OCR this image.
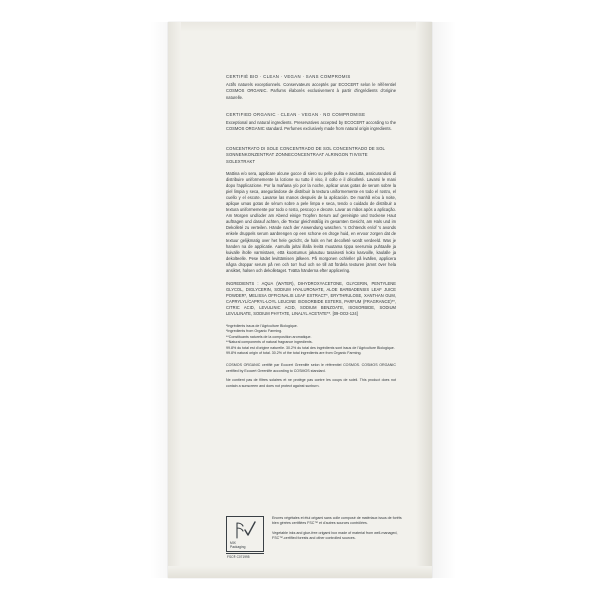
CERTIFIÉ BIO · CLEAN · VEGAN · SANS COMPROMIS

Actifs naturels exceptionnels. Conservateurs acceptés par ECOCERT selon le référentiel COSMOS ORGANIC. Parfums élaborés exclusivement à partir d'ingrédients d'origine naturelle.

CERTIFIED ORGANIC · CLEAN · VEGAN · NO COMPROMISE

Exceptional and natural ingredients. Preservatives accepted by ECOCERT according to the COSMOS ORGANIC standard. Perfumes exclusively made from natural origin ingredients.

CONCENTRATO DI SOLE CONCENTRADO DE SOL CONCENTRADO DE SOL SONNENKONZENTRAT ZONNECONCENTRAAT ALRINGON TIIVISTE SOLEXTRAKT

Mattina e/o sera, applicare alcune gocce di siero su pelle pulita e asciutta, assicurandosi di distribuire uniformemente la lozione su tutto il viso, il collo e il décolleté. Lavarsi le mani dopo l'applicazione. Por la mañana y/o por la noche, aplicar unas gotas de serum sobre la piel limpia y seca, asegurándose de distribuir la textura uniformemente en todo el rostro, el cuello y el escote. Lavarse las manos después de la aplicación. De manhã e/ou à noite, aplique umas gotas de sérum sobre a pele limpa e seca, tendo o cuidado de distribuir a textura uniformemente por todo o rosto, pescoço e decote. Lavar as mãos após a aplicação. Am Morgen und/oder am Abend einige Tropfen Serum auf gereinigte und trockene Haut auftragen und darauf achten, die Textur gleichmäßig im gesamten Gesicht, am Hals und im Dekolleté zu verteilen. Hände nach der Anwendung waschen. 's Ochtends en/of 's avonds enkele druppels serum aanbrengen op een schone en droge huid, en ervoor zorgen dat de textuur gelijkmatig over het hele gezicht, de hals en het decolleté wordt verdeeld. Was je handen na de applicatie. Aamulla ja/tai illalla levitä muutama tippa seerumia puhtaalle ja kuivalle iholle varmistaen, että koostumus jakautuu tasaisesti koko kasvoille, kaulalle ja dekolteelle. Pese kädet levittämisen jälkeen. På morgonen och/eller på kvällen, applicera några droppar serum på ren och torr hud och se till att fördela texturen jämnt över hela ansiktet, halsen och dekolletaget. Tvätta händerna efter applicering.

INGREDIENTS : AQUA (WATER), DIHYDROXYACETONE, GLYCERIN, PENTYLENE GLYCOL, DIGLYCERIN, SODIUM HYALURONATE, ALOE BARBADENSIS LEAF JUICE POWDER*, MELISSA OFFICINALIS LEAF EXTRACT*, ERYTHRULOSE, XANTHAN GUM, CAPRYLYL/CAPRYL-LOYL LEUCINE ISOSORBIDE ESTERS, PARFUM (FRAGRANCE)**, CITRIC ACID, LEVULINIC ACID, SODIUM BENZOATE, ISOSORBIDE, SODIUM LEVULINATE, SODIUM PHYTATE, LINALYL ACETATE**. [09-OO2-124]

*Ingrédients issus de l'Agriculture Biologique.

*Ingredients from Organic Farming.

**Constituants naturels de la composition aromatique.

**Natural components of natural fragrance ingredients.

99.8% du total est d'origine naturelle. 30.2% du total des ingrédients sont issus de l'Agriculture Biologique.

99.8% natural origin of total. 30.2% of the total ingredients are from Organic Farming.

COSMOS ORGANIC certifié par Ecocert Greenlife selon le référentiel COSMOS. COSMOS ORGANIC certified by Ecocert Greenlife according to COSMOS standard.

Ne contient pas de filtres solaires et ne protège pas contre les coups de soleil. This product does not contain a sunscreen and does not protect against sunburn.

MIX
Packaging
FSC® C071995

Encres végétales et étui origami sans colle composé de matériaux issus de forêts bien gérées certifiées FSC™ et d'autres sources contrôlées.

Vegetable inks and glue-free origami box made of material from well-managed, FSC™-certified forests and other controlled sources.
